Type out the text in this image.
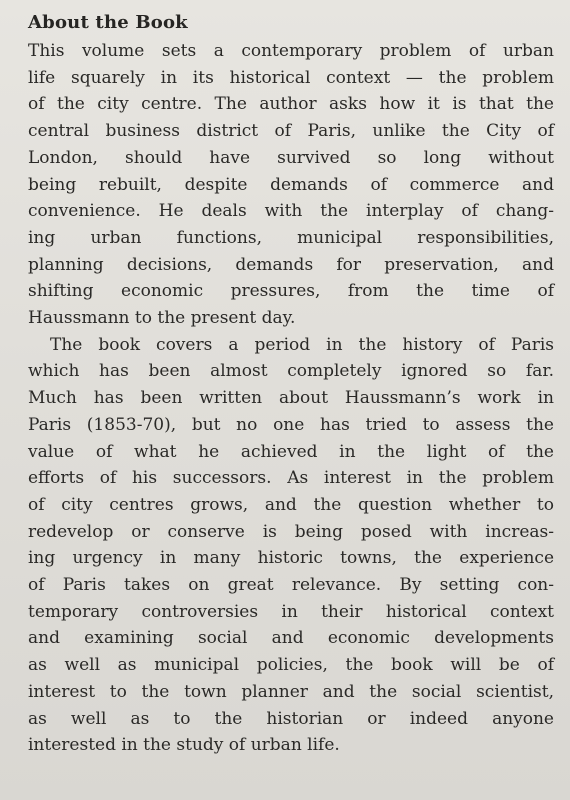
About the Book

This volume sets a contemporary problem of urban
life squarely in its historical context — the problem
of the city centre. The author asks how it is that the
central business district of Paris, unlike the City of
London, should have survived so long without
being rebuilt, despite demands of commerce and
convenience. He deals with the interplay of chang-
ing urban functions, municipal responsibilities,
planning decisions, demands for preservation, and
shifting economic pressures, from the time of
Haussmann to the present day.

The book covers a period in the history of Paris
which has been almost completely ignored so far.
Much has been written about Haussmann’s work in
Paris (1853-70), but no one has tried to assess the
value of what he achieved in the light of the
efforts of his successors. As interest in the problem
of city centres grows, and the question whether to
redevelop or conserve is being posed with increas-
ing urgency in many historic towns, the experience
of Paris takes on great relevance. By setting con-
temporary controversies in their historical context
and examining social and economic developments
as well as municipal policies, the book will be of
interest to the town planner and the social scientist,
as well as to the historian or indeed anyone
interested in the study of urban life.
